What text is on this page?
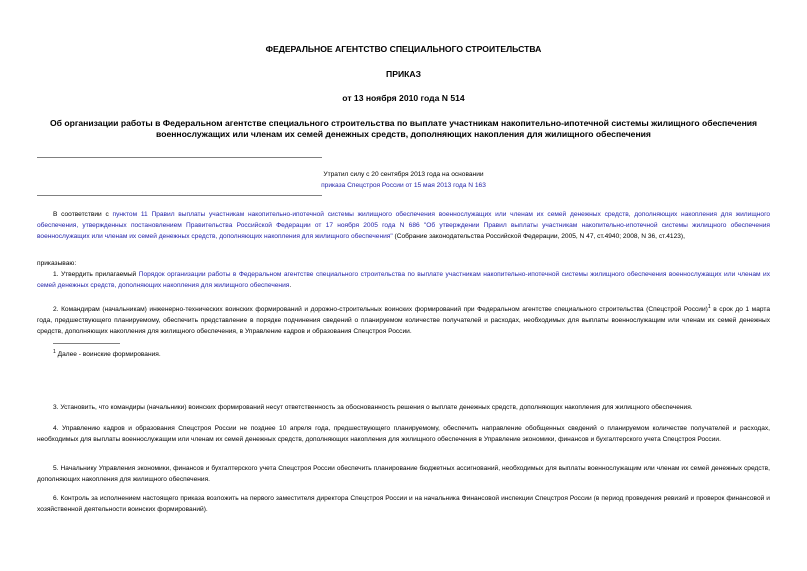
ФЕДЕРАЛЬНОЕ АГЕНТСТВО СПЕЦИАЛЬНОГО СТРОИТЕЛЬСТВА
ПРИКАЗ
от 13 ноября 2010 года N 514
Об организации работы в Федеральном агентстве специального строительства по выплате участникам накопительно-ипотечной системы жилищного обеспечения
военнослужащих или членам их семей денежных средств, дополняющих накопления для жилищного обеспечения
Утратил силу с 20 сентября 2013 года на основании
приказа Спецстроя России от 15 мая 2013 года N 163
В соответствии с пунктом 11 Правил выплаты участникам накопительно-ипотечной системы жилищного обеспечения военнослужащих или членам их семей денежных средств, дополняющих накопления для жилищного обеспечения, утвержденных постановлением Правительства Российской Федерации от 17 ноября 2005 года N 686 "Об утверждении Правил выплаты участникам накопительно-ипотечной системы жилищного обеспечения военнослужащих или членам их семей денежных средств, дополняющих накопления для жилищного обеспечения" (Собрание законодательства Российской Федерации, 2005, N 47, ст.4940; 2008, N 36, ст.4123),
приказываю:
1. Утвердить прилагаемый Порядок организации работы в Федеральном агентстве специального строительства по выплате участникам накопительно-ипотечной системы жилищного обеспечения военнослужащих или членам их семей денежных средств, дополняющих накопления для жилищного обеспечения.
2. Командирам (начальникам) инженерно-технических воинских формирований и дорожно-строительных воинских формирований при Федеральном агентстве специального строительства (Спецстрой России)$^1$ в срок до 1 марта года, предшествующего планируемому, обеспечить представление в порядке подчинения сведений о планируемом количестве получателей и расходах, необходимых для выплаты военнослужащим или членам их семей денежных средств, дополняющих накопления для жилищного обеспечения, в Управление кадров и образования Спецстроя России.
$^1$ Далее - воинские формирования.
3. Установить, что командиры (начальники) воинских формирований несут ответственность за обоснованность решения о выплате денежных средств, дополняющих накопления для жилищного обеспечения.
4. Управлению кадров и образования Спецстроя России не позднее 10 апреля года, предшествующего планируемому, обеспечить направление обобщенных сведений о планируемом количестве получателей и расходах, необходимых для выплаты военнослужащим или членам их семей денежных средств, дополняющих накопления для жилищного обеспечения в Управление экономики, финансов и бухгалтерского учета Спецстроя России.
5. Начальнику Управления экономики, финансов и бухгалтерского учета Спецстроя России обеспечить планирование бюджетных ассигнований, необходимых для выплаты военнослужащим или членам их семей денежных средств, дополняющих накопления для жилищного обеспечения.
6. Контроль за исполнением настоящего приказа возложить на первого заместителя директора Спецстроя России и на начальника Финансовой инспекции Спецстроя России (в период проведения ревизий и проверок финансовой и хозяйственной деятельности воинских формирований).
